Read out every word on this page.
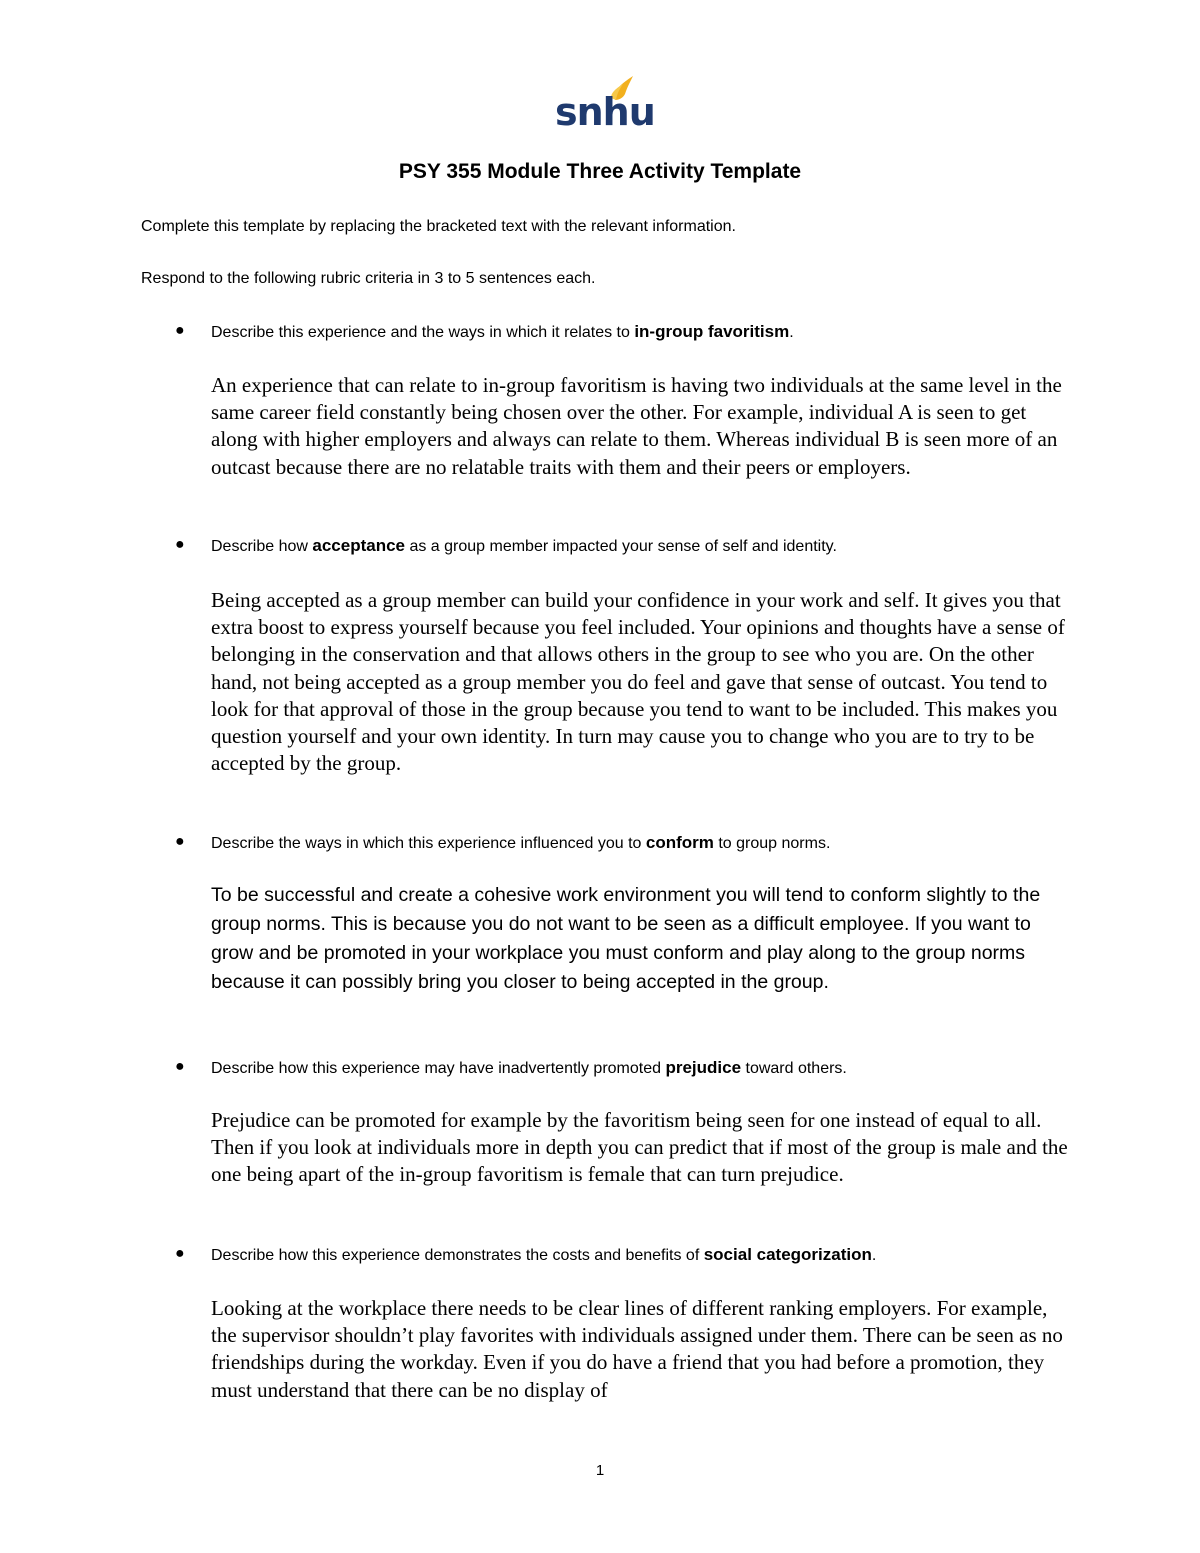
snhu
PSY 355 Module Three Activity Template
Complete this template by replacing the bracketed text with the relevant information.
Respond to the following rubric criteria in 3 to 5 sentences each.
● Describe this experience and the ways in which it relates to in-group favoritism.
An experience that can relate to in-group favoritism is having two individuals at the same level in the same career field constantly being chosen over the other. For example, individual A is seen to get along with higher employers and always can relate to them. Whereas individual B is seen more of an outcast because there are no relatable traits with them and their peers or employers.
● Describe how acceptance as a group member impacted your sense of self and identity.
Being accepted as a group member can build your confidence in your work and self. It gives you that extra boost to express yourself because you feel included. Your opinions and thoughts have a sense of belonging in the conservation and that allows others in the group to see who you are. On the other hand, not being accepted as a group member you do feel and gave that sense of outcast. You tend to look for that approval of those in the group because you tend to want to be included. This makes you question yourself and your own identity. In turn may cause you to change who you are to try to be accepted by the group.
● Describe the ways in which this experience influenced you to conform to group norms.
To be successful and create a cohesive work environment you will tend to conform slightly to the group norms. This is because you do not want to be seen as a difficult employee. If you want to grow and be promoted in your workplace you must conform and play along to the group norms because it can possibly bring you closer to being accepted in the group.
● Describe how this experience may have inadvertently promoted prejudice toward others.
Prejudice can be promoted for example by the favoritism being seen for one instead of equal to all. Then if you look at individuals more in depth you can predict that if most of the group is male and the one being apart of the in-group favoritism is female that can turn prejudice.
● Describe how this experience demonstrates the costs and benefits of social categorization.
Looking at the workplace there needs to be clear lines of different ranking employers. For example, the supervisor shouldn’t play favorites with individuals assigned under them. There can be seen as no friendships during the workday. Even if you do have a friend that you had before a promotion, they must understand that there can be no display of
1
